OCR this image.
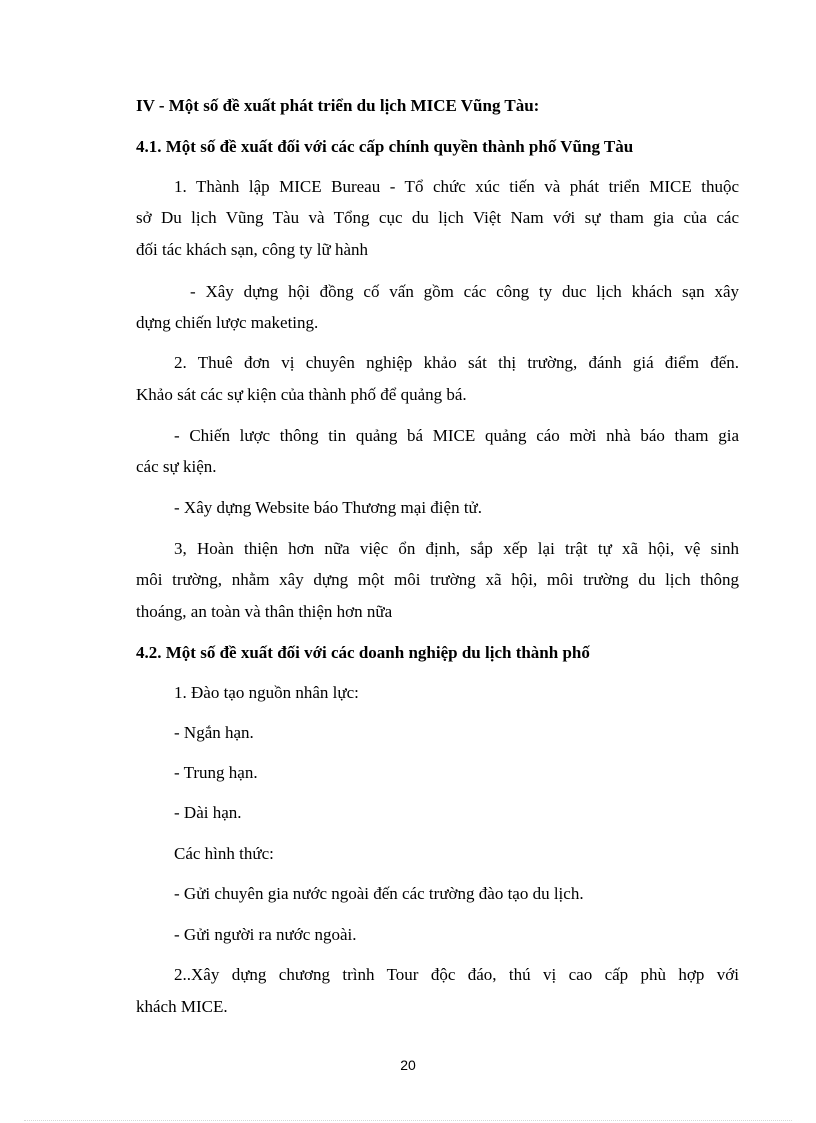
IV - Một số đề xuất phát triển du lịch MICE Vũng Tàu:

4.1. Một số đề xuất đối với các cấp chính quyền thành phố Vũng Tàu

1. Thành lập MICE Bureau - Tổ chức xúc tiến và phát triển MICE thuộc

sở Du lịch Vũng Tàu và Tổng cục du lịch Việt Nam với sự tham gia của các

đối tác khách sạn, công ty lữ hành

- Xây dựng hội đồng cố vấn gồm các công ty duc lịch khách sạn xây

dựng chiến lược maketing.

2. Thuê đơn vị chuyên nghiệp khảo sát thị trường, đánh giá điểm đến.

Khảo sát các sự kiện của thành phố để quảng bá.

- Chiến lược thông tin quảng bá MICE quảng cáo mời nhà báo tham gia

các sự kiện.

- Xây dựng Website báo Thương mại điện tử.

3, Hoàn thiện hơn nữa việc ổn định, sắp xếp lại trật tự xã hội, vệ sinh

môi trường, nhằm xây dựng một môi trường xã hội, môi trường du lịch thông

thoáng, an toàn và thân thiện hơn nữa

4.2. Một số đề xuất đối với các doanh nghiệp du lịch thành phố

1. Đào tạo nguồn nhân lực:

- Ngắn hạn.

- Trung hạn.

- Dài hạn.

Các hình thức:

- Gửi chuyên gia nước ngoài đến các trường đào tạo du lịch.

- Gửi người ra nước ngoài.

2..Xây dựng chương trình Tour độc đáo, thú vị cao cấp phù hợp với

khách MICE.

20
